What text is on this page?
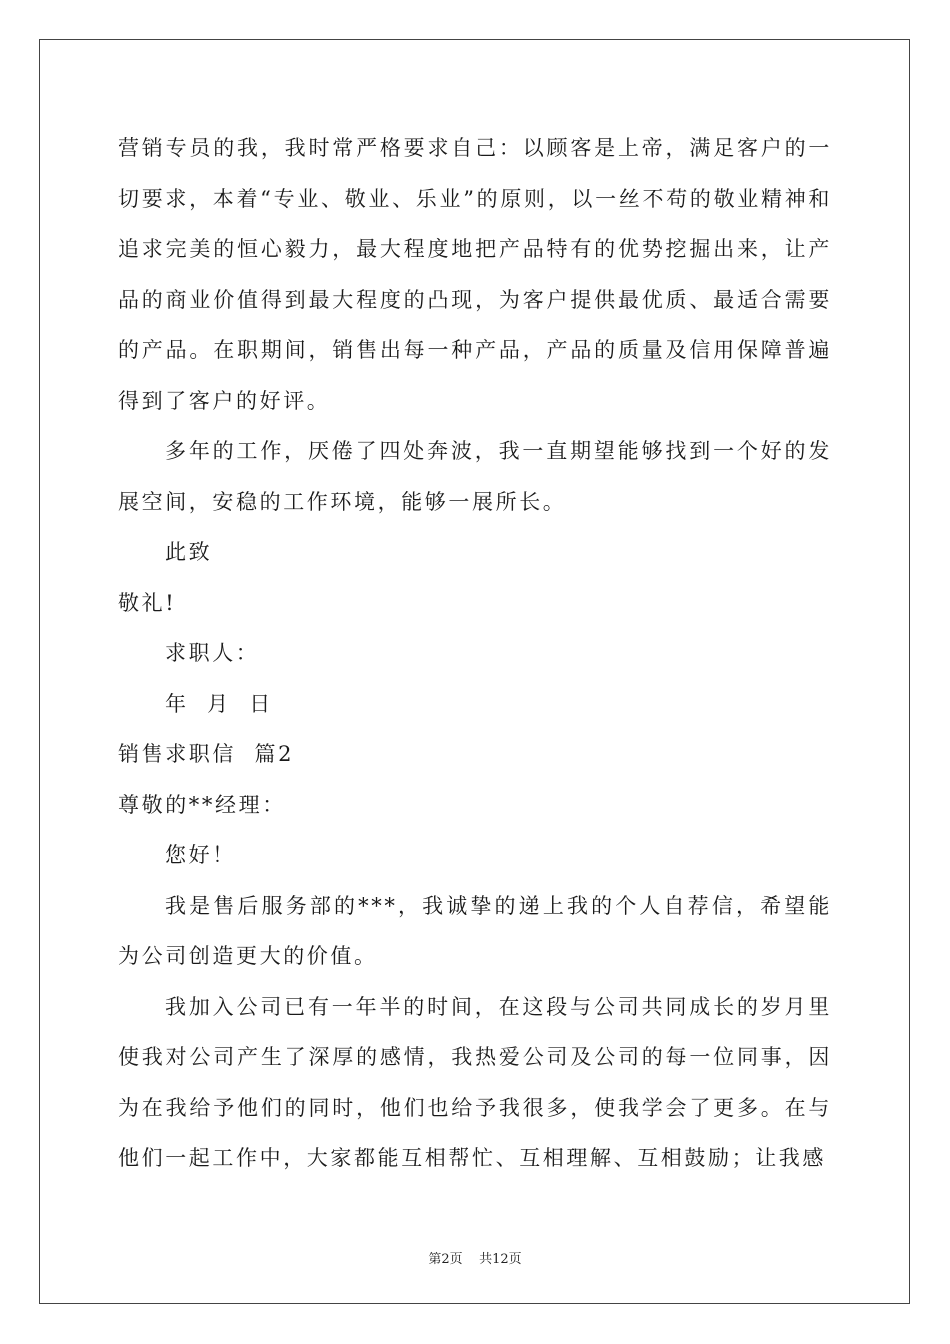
营销专员的我，我时常严格要求自己：以顾客是上帝，满足客户的一切要求，本着“专业、敬业、乐业”的原则，以一丝不苟的敬业精神和追求完美的恒心毅力，最大程度地把产品特有的优势挖掘出来，让产品的商业价值得到最大程度的凸现，为客户提供最优质、最适合需要的产品。在职期间，销售出每一种产品，产品的质量及信用保障普遍得到了客户的好评。

多年的工作，厌倦了四处奔波，我一直期望能够找到一个好的发展空间，安稳的工作环境，能够一展所长。

此致

敬礼!

求职人：

年  月  日

销售求职信  篇2

尊敬的**经理：

您好！

我是售后服务部的***，我诚挚的递上我的个人自荐信，希望能为公司创造更大的价值。

我加入公司已有一年半的时间，在这段与公司共同成长的岁月里使我对公司产生了深厚的感情，我热爱公司及公司的每一位同事，因为在我给予他们的同时，他们也给予我很多，使我学会了更多。在与他们一起工作中，大家都能互相帮忙、互相理解、互相鼓励；让我感

第2页 共12页
